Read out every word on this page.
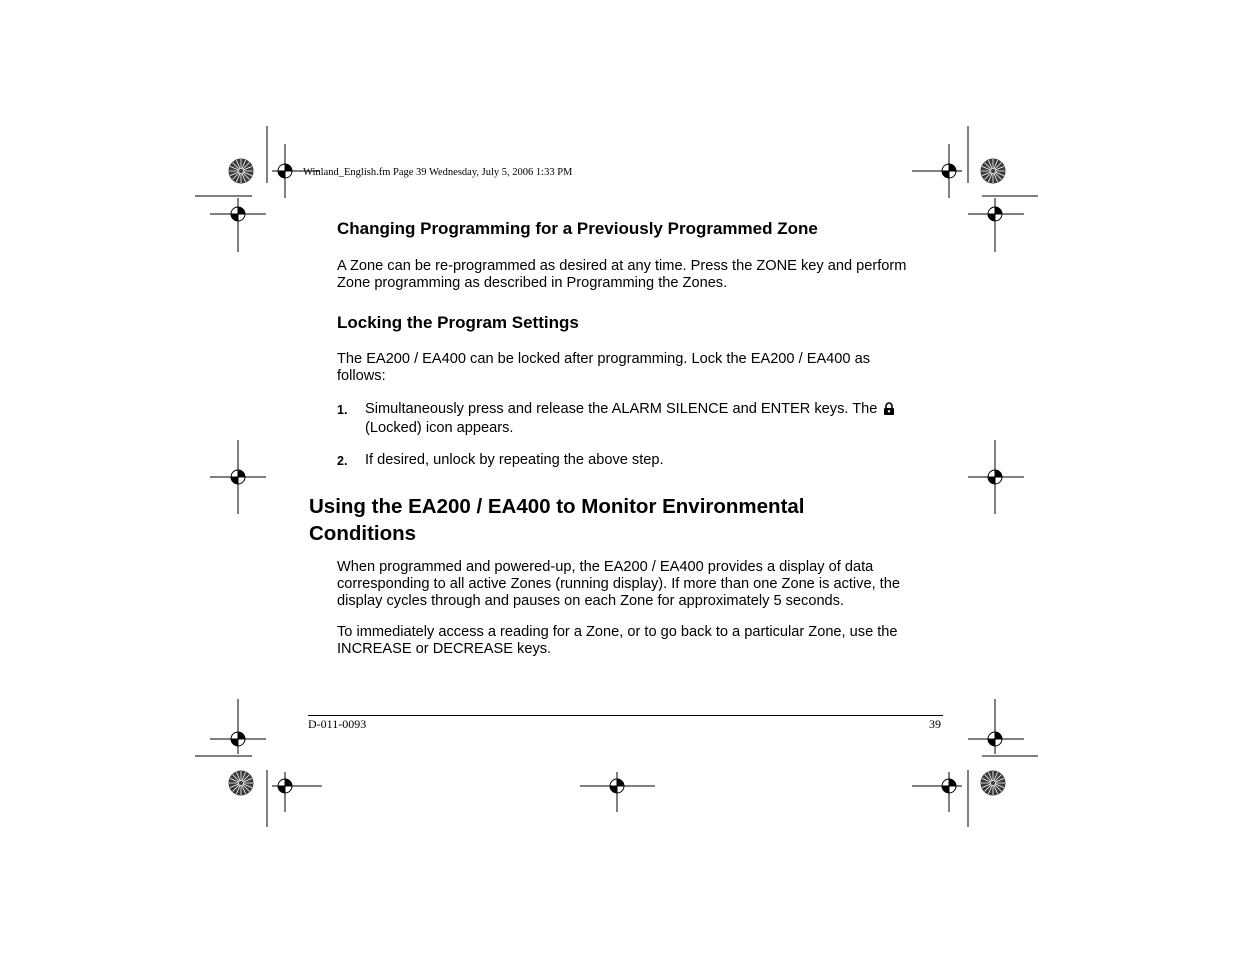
Winland_English.fm Page 39 Wednesday, July 5, 2006 1:33 PM
Changing Programming for a Previously Programmed Zone
A Zone can be re-programmed as desired at any time. Press the ZONE key and perform
Zone programming as described in Programming the Zones.
Locking the Program Settings
The EA200 / EA400 can be locked after programming. Lock the EA200 / EA400 as
follows:
1. Simultaneously press and release the ALARM SILENCE and ENTER keys. The
(Locked) icon appears.
2. If desired, unlock by repeating the above step.
Using the EA200 / EA400 to Monitor Environmental
Conditions
When programmed and powered-up, the EA200 / EA400 provides a display of data
corresponding to all active Zones (running display). If more than one Zone is active, the
display cycles through and pauses on each Zone for approximately 5 seconds.
To immediately access a reading for a Zone, or to go back to a particular Zone, use the
INCREASE or DECREASE keys.
D-011-0093	39
